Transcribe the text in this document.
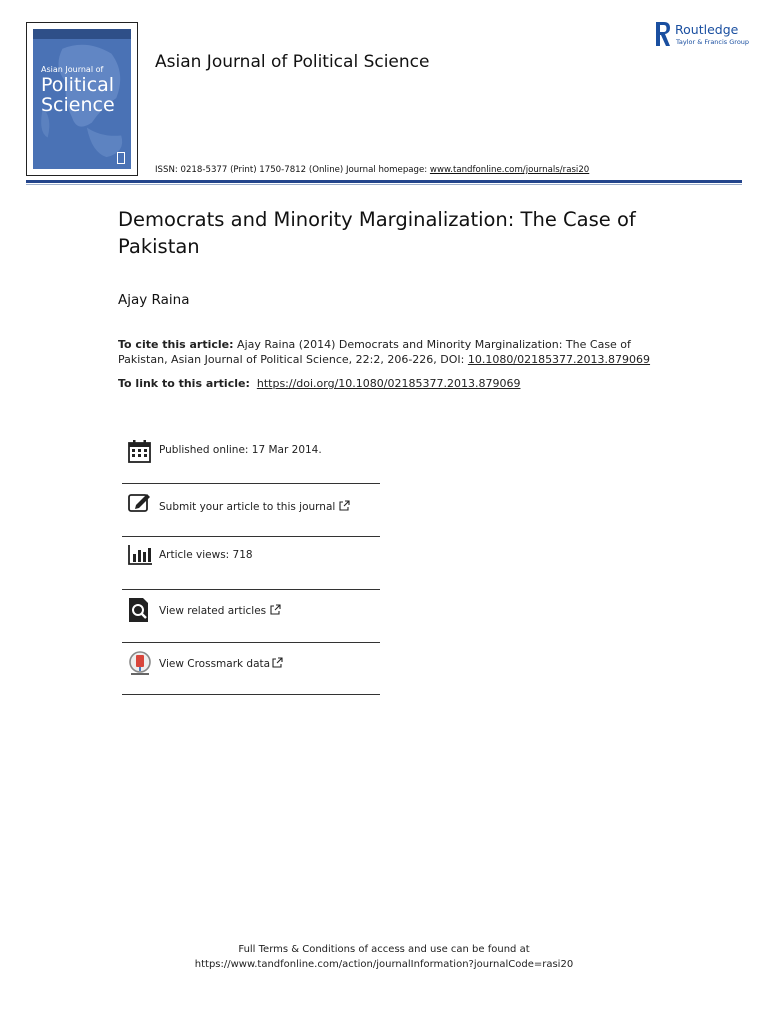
Asian Journal of
Political
Science
Asian Journal of Political Science
Routledge
Taylor & Francis Group
ISSN: 0218-5377 (Print) 1750-7812 (Online) Journal homepage: www.tandfonline.com/journals/rasi20
Democrats and Minority Marginalization: The Case of Pakistan
Ajay Raina
To cite this article: Ajay Raina (2014) Democrats and Minority Marginalization: The Case of Pakistan, Asian Journal of Political Science, 22:2, 206-226, DOI: 10.1080/02185377.2013.879069
To link to this article: https://doi.org/10.1080/02185377.2013.879069
Published online: 17 Mar 2014.
Submit your article to this journal
Article views: 718
View related articles
View Crossmark data
Full Terms & Conditions of access and use can be found at
https://www.tandfonline.com/action/journalInformation?journalCode=rasi20
